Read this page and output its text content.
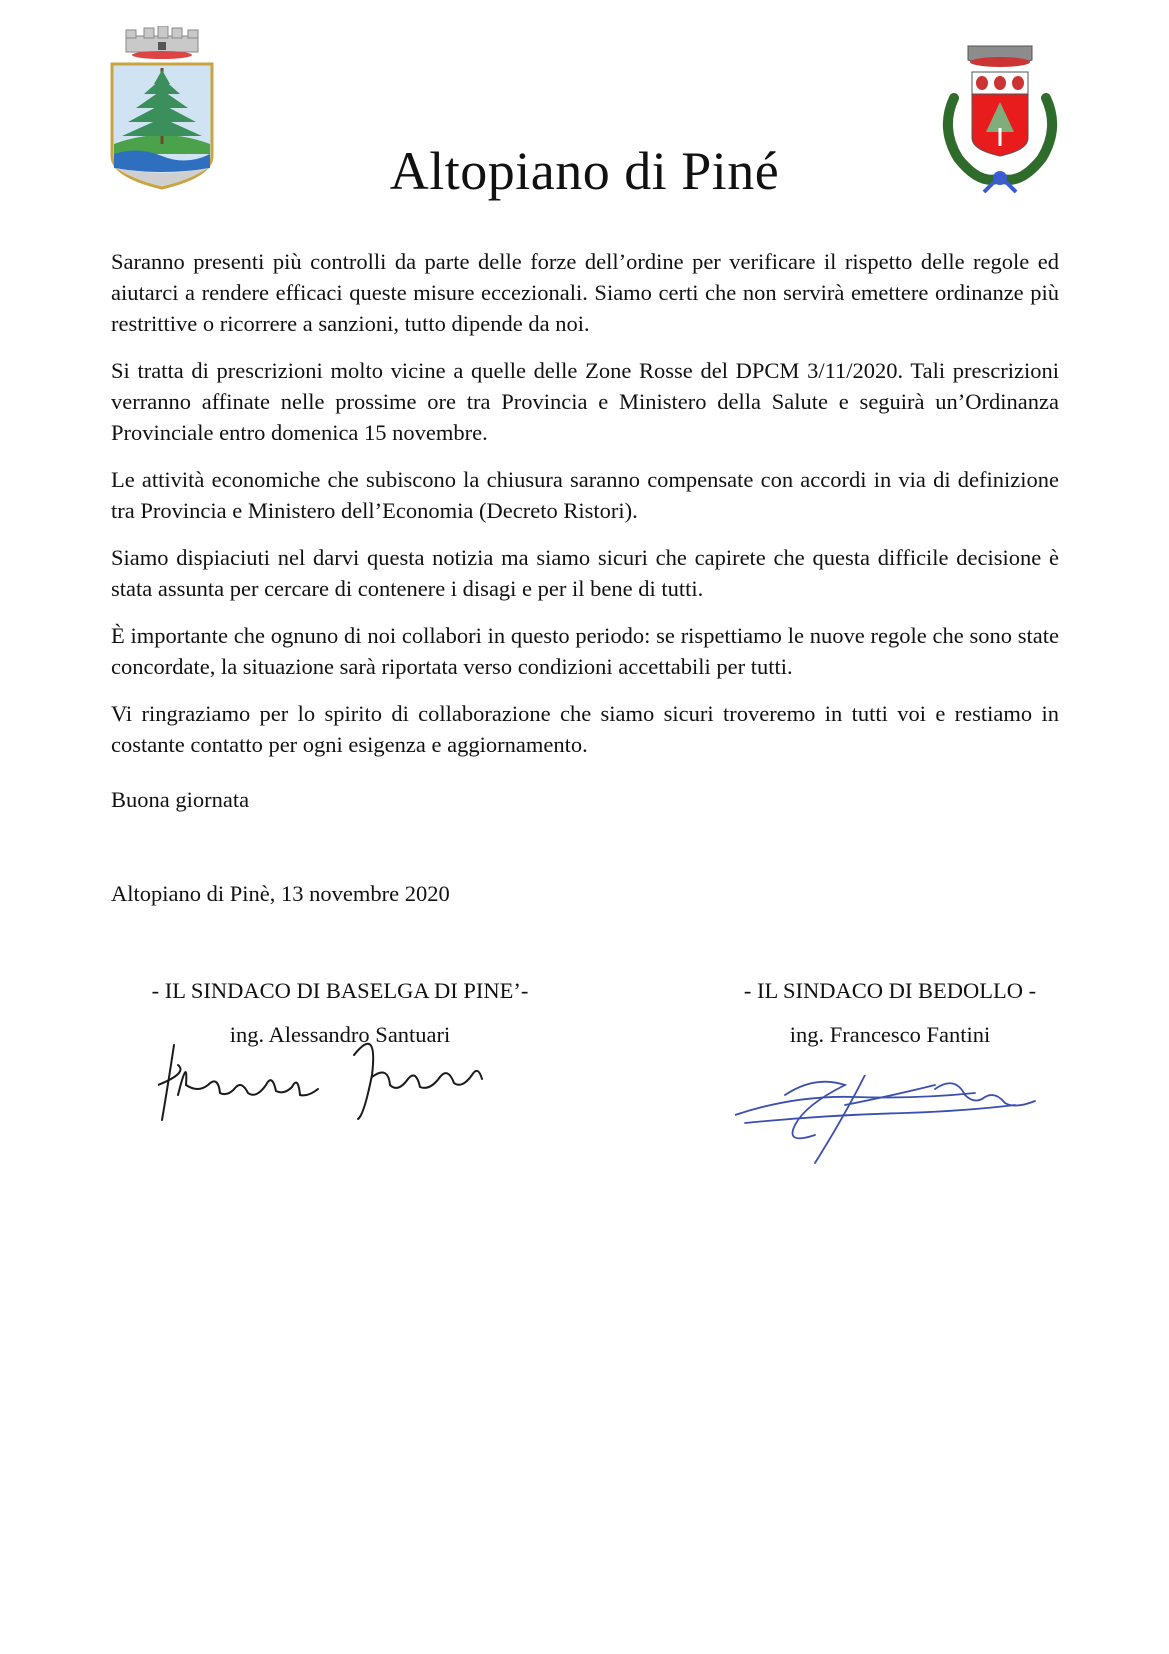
Altopiano di Piné

Saranno presenti più controlli da parte delle forze dell’ordine per verificare il rispetto delle regole ed aiutarci a rendere efficaci queste misure eccezionali. Siamo certi che non servirà emettere ordinanze più restrittive o ricorrere a sanzioni, tutto dipende da noi.

Si tratta di prescrizioni molto vicine a quelle delle Zone Rosse del DPCM 3/11/2020. Tali prescrizioni verranno affinate nelle prossime ore tra Provincia e Ministero della Salute e seguirà un’Ordinanza Provinciale entro domenica 15 novembre.

Le attività economiche che subiscono la chiusura saranno compensate con accordi in via di definizione tra Provincia e Ministero dell’Economia (Decreto Ristori).

Siamo dispiaciuti nel darvi questa notizia ma siamo sicuri che capirete che questa difficile decisione è stata assunta per cercare di contenere i disagi e per il bene di tutti.

È importante che ognuno di noi collabori in questo periodo: se rispettiamo le nuove regole che sono state concordate, la situazione sarà riportata verso condizioni accettabili per tutti.

Vi ringraziamo per lo spirito di collaborazione che siamo sicuri troveremo in tutti voi e restiamo in costante contatto per ogni esigenza e aggiornamento.

Buona giornata
Altopiano di Pinè, 13 novembre 2020

- IL SINDACO DI BASELGA DI PINE’-

ing. Alessandro Santuari

- IL SINDACO DI BEDOLLO -

ing. Francesco Fantini
